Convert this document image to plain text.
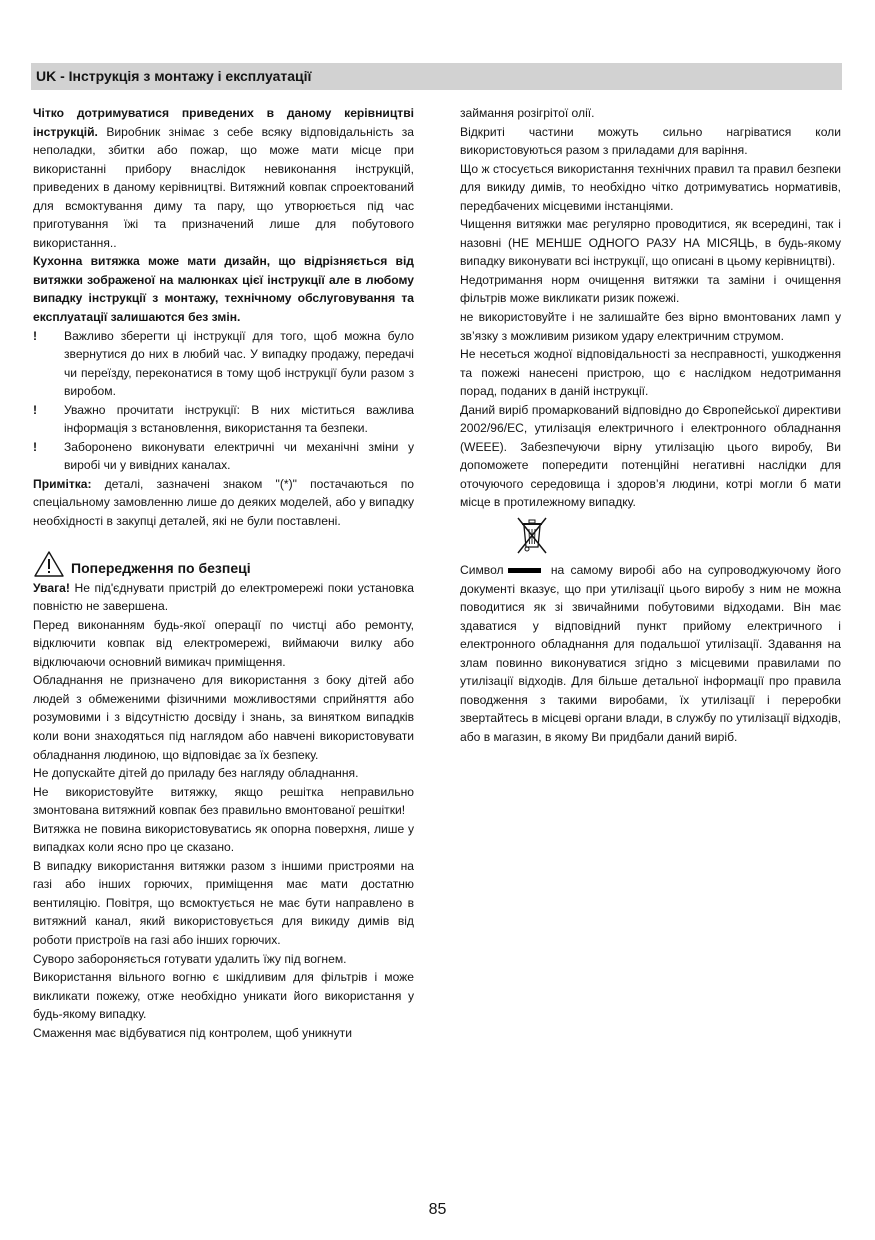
UK - Інструкція з монтажу і експлуатації

Чітко дотримуватися приведених в даному керівництві інструкцій. Виробник знімає з себе всяку відповідальність за неполадки, збитки або пожар, що може мати місце при використанні прибору внаслідок невиконання інструкцій, приведених в даному керівництві. Витяжний ковпак спроектований для всмоктування диму та пару, що утворюється під час приготування їжі та призначений лише для побутового використання..

Кухонна витяжка може мати дизайн, що відрізняється від витяжки зображеної на малюнках цієї інструкції але в любому випадку інструкції з монтажу, технічному обслуговування та експлуатації залишаются без змін.

!	Важливо зберегти ці інструкції для того, щоб можна було звернутися до них в любий час. У випадку продажу, передачі чи переїзду, переконатися в тому щоб інструкції були разом з виробом.
!	Уважно прочитати інструкції: В них міститься важлива інформація з встановлення, використання та безпеки.
!	Заборонено виконувати електричні чи механічні зміни у виробі чи у вивідних каналах.

Примітка: деталі, зазначені знаком "(*)" постачаються по спеціальному замовленню лише до деяких моделей, або у випадку необхідності в закупці деталей, які не були поставлені.

Попередження по безпеці

Увага! Не під'єднувати пристрій до електромережі поки установка повністю не завершена.

Перед виконанням будь-якої операції по чистці або ремонту, відключити ковпак від електромережі, виймаючи вилку або відключаючи основний вимикач приміщення.

Обладнання не призначено для використання з боку дітей або людей з обмеженими фізичними можливостями сприйняття або розумовими і з відсутністю досвіду і знань, за винятком випадків коли вони знаходяться під наглядом або навчені використовувати обладнання людиною, що відповідає за їх безпеку.

Не допускайте дітей до приладу без нагляду обладнання.

Не використовуйте витяжку, якщо решітка неправильно змонтована витяжний ковпак без правильно вмонтованої решітки!

Витяжка не повина використовуватись як опорна поверхня, лише у випадках коли ясно про це сказано.

В випадку використання витяжки разом з іншими пристроями на газі або інших горючих, приміщення має мати достатню вентиляцію. Повітря, що всмоктується не має бути направлено в витяжний канал, який використовується для викиду димів від роботи пристроїв на газі або інших горючих.

Суворо забороняється готувати удалить їжу під вогнем.

Використання вільного вогню є шкідливим для фільтрів і може викликати пожежу, отже необхідно уникати його використання у будь-якому випадку.

Смаження має відбуватися під контролем, щоб уникнути

займання розігрітої олії.

Відкриті частини можуть сильно нагріватися коли використовуються разом з приладами для варіння.

Що ж стосується використання технічних правил та правил безпеки для викиду димів, то необхідно чітко дотримуватись нормативів, передбачених місцевими інстанціями.

Чищення витяжки має регулярно проводитися, як всередині, так і назовні (НЕ МЕНШЕ ОДНОГО РАЗУ НА МІСЯЦЬ, в будь-якому випадку виконувати всі інструкції, що описані в цьому керівництві).

Недотримання норм очищення витяжки та заміни і очищення фільтрів може викликати ризик пожежі.

не використовуйте і не залишайте без вірно вмонтованих ламп у зв’язку з можливим ризиком удару електричним струмом.

Не несеться жодної відповідальності за несправності, ушкодження та пожежі нанесені пристрою, що є наслідком недотримання порад, поданих в даній інструкції.

Даний виріб промаркований відповідно до Європейської директиви 2002/96/EC, утилізація електричного і електронного обладнання (WEEE). Забезпечуючи вірну утилізацію цього виробу, Ви допоможете попередити потенційні негативні наслідки для оточуючого середовища і здоров’я людини, котрі могли б мати місце в протилежному випадку.

Символ	на самому виробі або на супроводжуючому його документі вказує, що при утилізації цього виробу з ним не можна поводитися як зі звичайними побутовими відходами. Він має здаватися у відповідний пункт прийому електричного і електронного обладнання для подальшої утилізації. Здавання на злам повинно виконуватися згідно з місцевими правилами по утилізації відходів. Для більше детальної інформації про правила поводження з такими виробами, їх утилізації і переробки звертайтесь в місцеві органи влади, в службу по утилізації відходів, або в магазин, в якому Ви придбали даний виріб.

85
